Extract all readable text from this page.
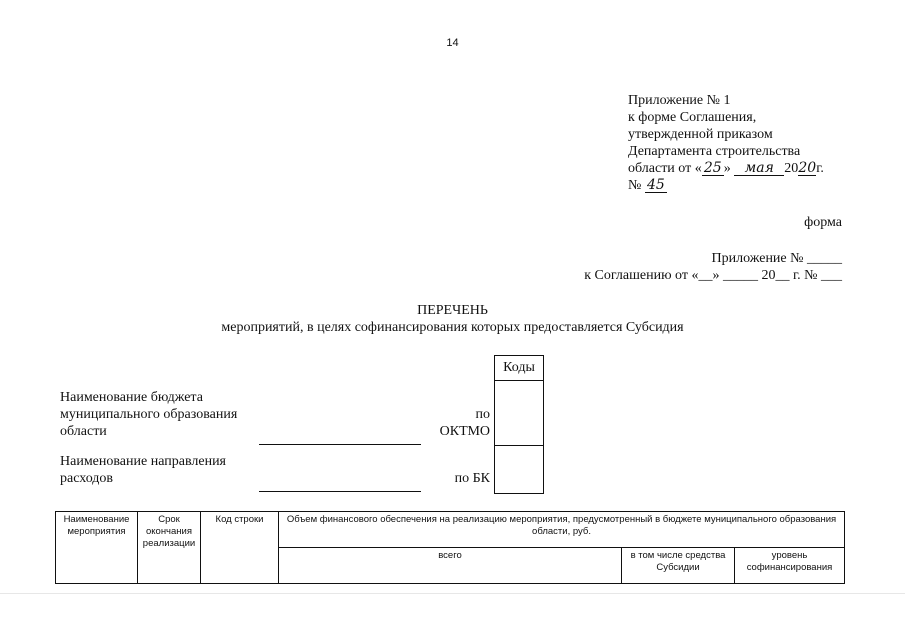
14
Приложение № 1
к форме Соглашения,
утвержденной приказом
Департамента строительства
области от « 25 » мая 2020г.
№ 45
форма
Приложение № _____
к Соглашению от «__» _____ 20__ г. № ___
ПЕРЕЧЕНЬ
мероприятий, в целях софинансирования которых предоставляется Субсидия
Коды
Наименование бюджета
муниципального образования
области
по
ОКТМО
Наименование направления
расходов	по БК
Наименование мероприятия	Срок окончания реализации	Код строки	Объем финансового обеспечения на реализацию мероприятия, предусмотренный в бюджете муниципального образования области, руб.		
			всего	в том числе средства Субсидии	уровень софинансирования
